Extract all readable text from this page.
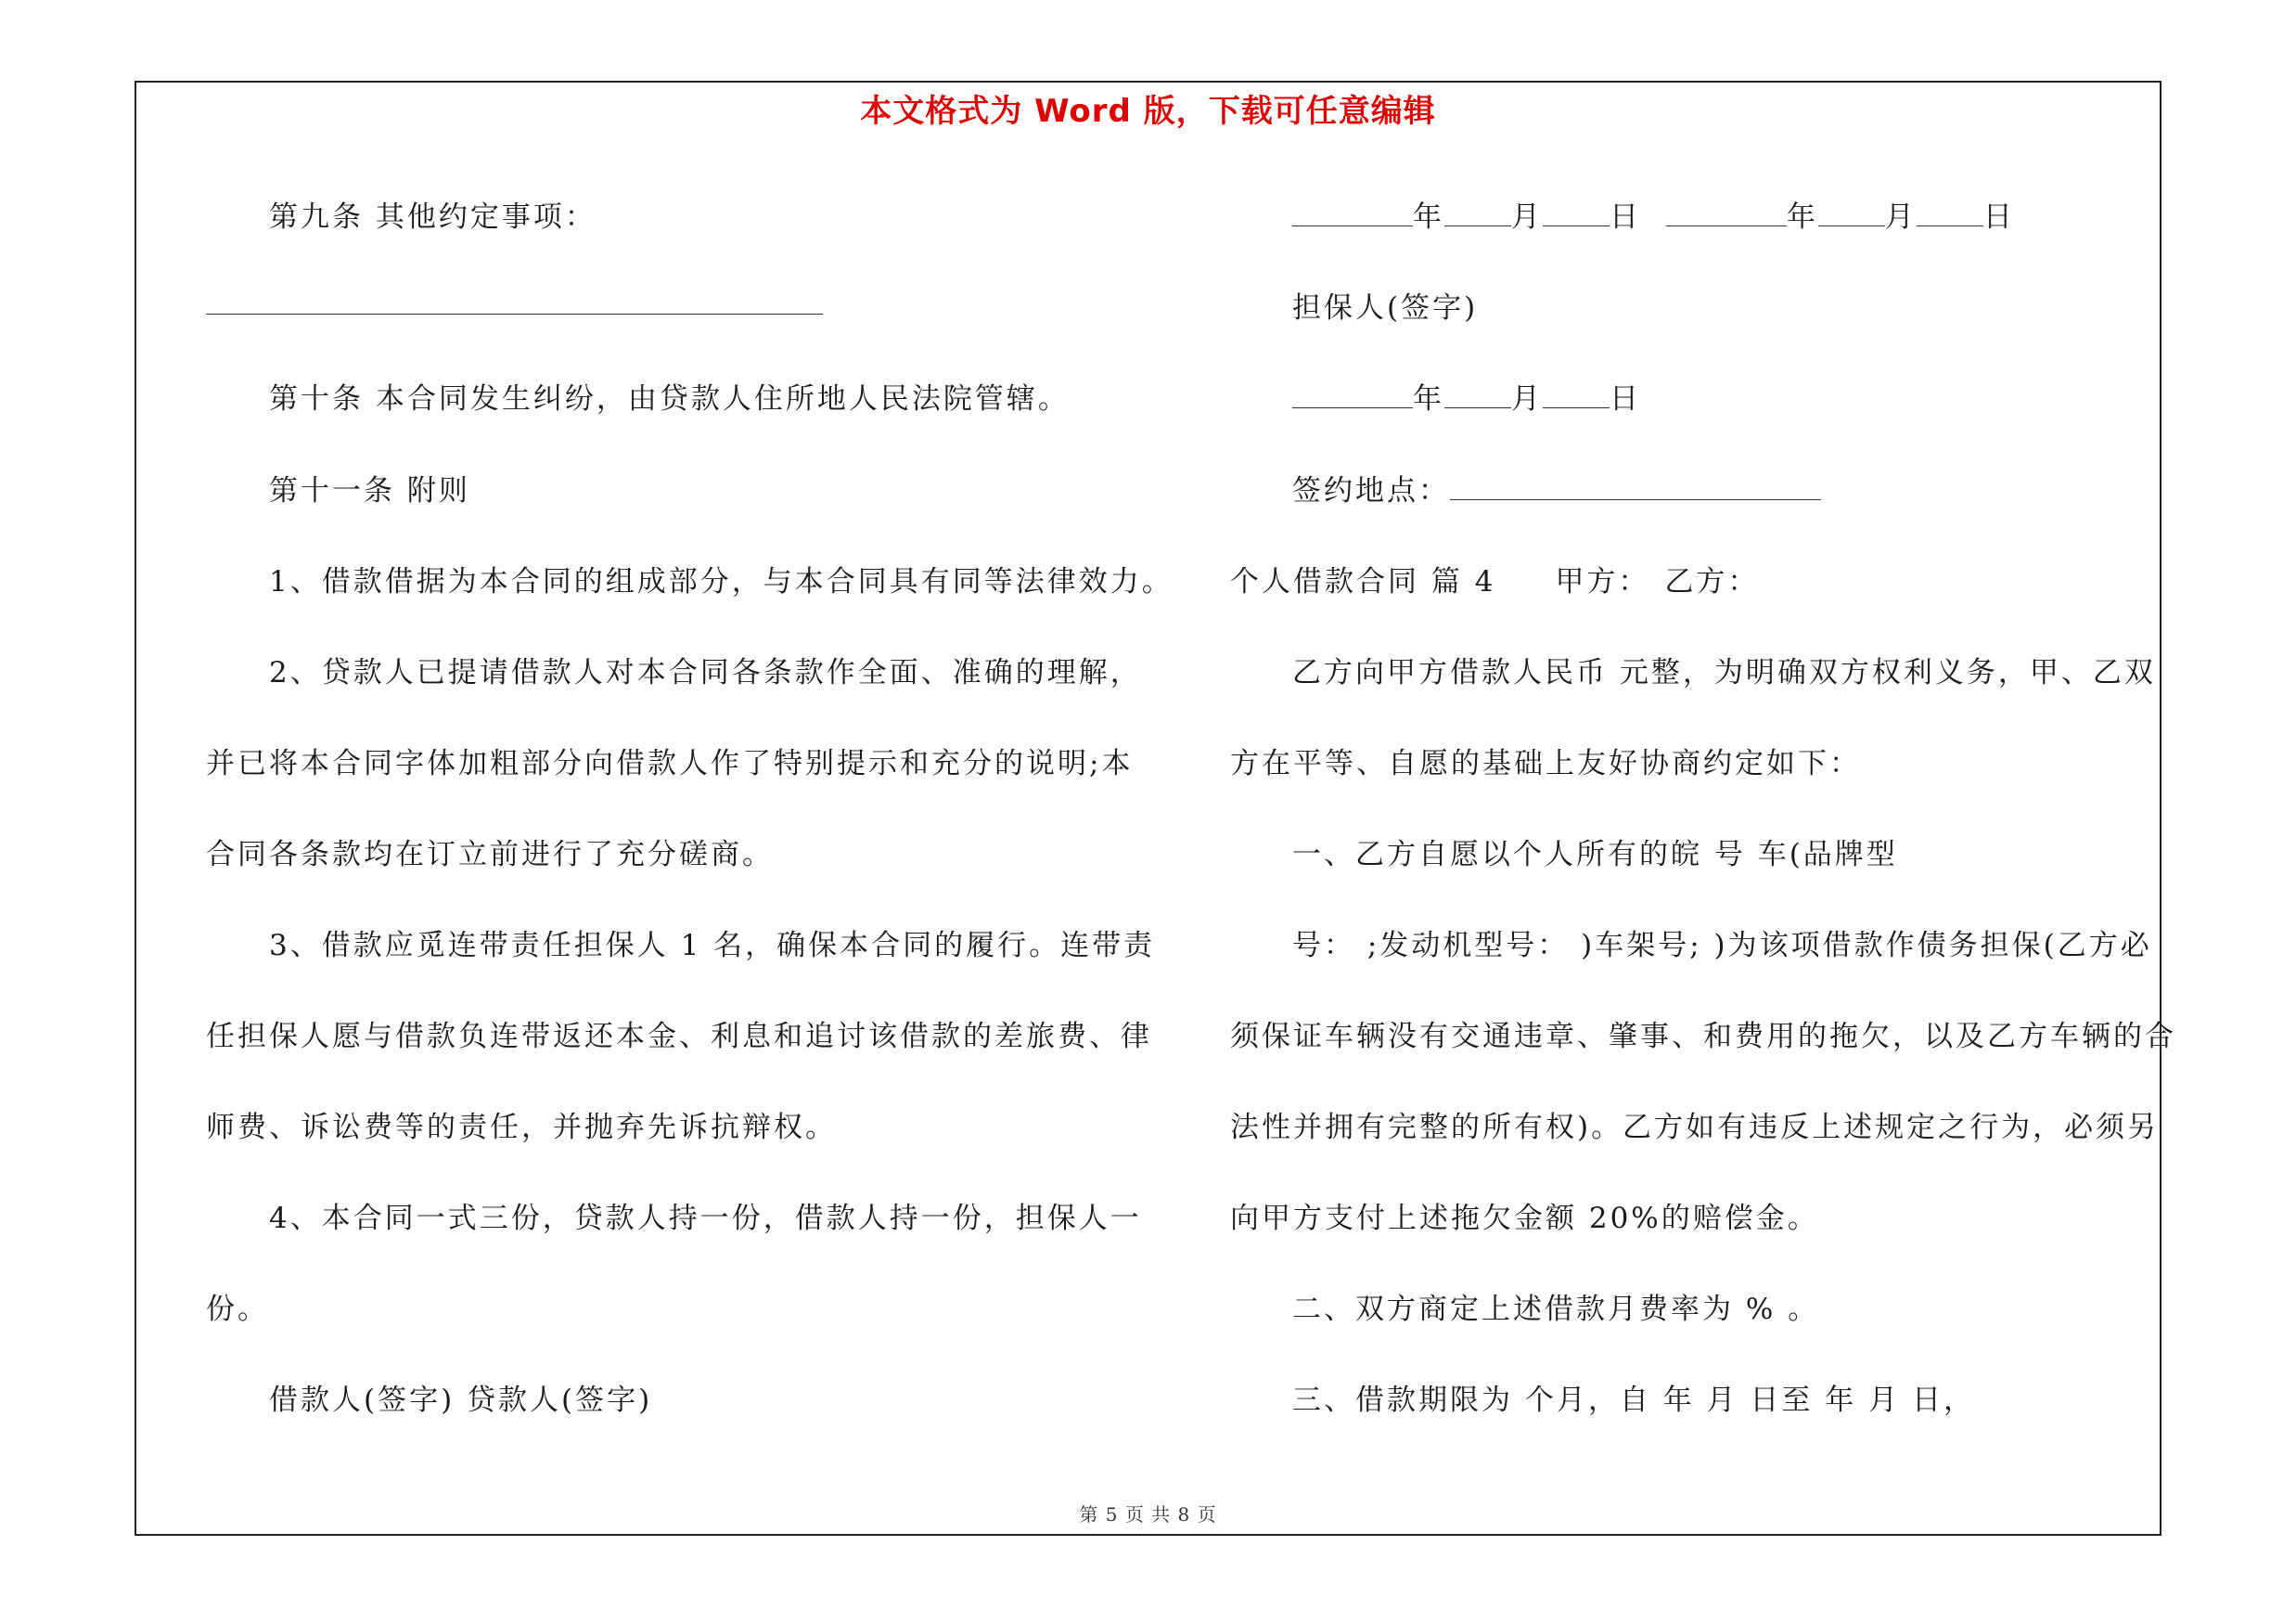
本文格式为 Word 版，下载可任意编辑
第九条 其他约定事项：
第十条 本合同发生纠纷，由贷款人住所地人民法院管辖。
第十一条 附则
1、借款借据为本合同的组成部分，与本合同具有同等法律效力。
2、贷款人已提请借款人对本合同各条款作全面、准确的理解，
并已将本合同字体加粗部分向借款人作了特别提示和充分的说明;本
合同各条款均在订立前进行了充分磋商。
3、借款应觅连带责任担保人 1 名，确保本合同的履行。连带责
任担保人愿与借款负连带返还本金、利息和追讨该借款的差旅费、律
师费、诉讼费等的责任，并抛弃先诉抗辩权。
4、本合同一式三份，贷款人持一份，借款人持一份，担保人一
份。
借款人(签字) 贷款人(签字)
年 月 日	年 月 日
担保人(签字)
年 月 日
签约地点：
个人借款合同 篇 4 甲方： 乙方：
乙方向甲方借款人民币 元整，为明确双方权利义务，甲、乙双
方在平等、自愿的基础上友好协商约定如下：
一、乙方自愿以个人所有的皖 号 车(品牌型
号： ;发动机型号： )车架号; )为该项借款作债务担保(乙方必
须保证车辆没有交通违章、肇事、和费用的拖欠，以及乙方车辆的合
法性并拥有完整的所有权)。乙方如有违反上述规定之行为，必须另
向甲方支付上述拖欠金额 20%的赔偿金。
二、双方商定上述借款月费率为 % 。
三、借款期限为 个月，自 年 月 日至 年 月 日，
第 5 页 共 8 页
